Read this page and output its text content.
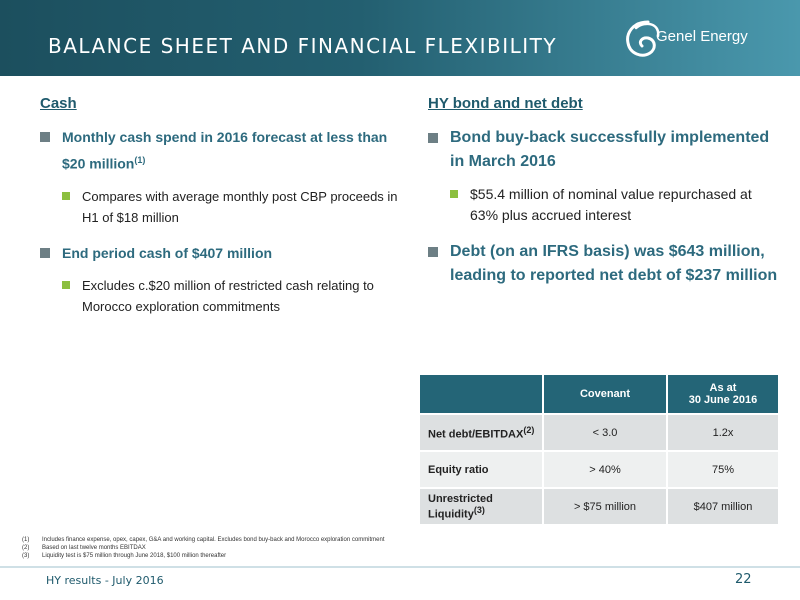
BALANCE SHEET AND FINANCIAL FLEXIBILITY	Genel Energy
Cash
Monthly cash spend in 2016 forecast at less than $20 million$^{(1)}$
Compares with average monthly post CBP proceeds in H1 of $18 million
End period cash of $407 million
Excludes c.$20 million of restricted cash relating to Morocco exploration commitments
HY bond and net debt
Bond buy-back successfully implemented in March 2016
$55.4 million of nominal value repurchased at 63% plus accrued interest
Debt (on an IFRS basis) was $643 million, leading to reported net debt of $237 million
	Covenant	As at
30 June 2016
Net debt/$EBITDAX^{(2)}$	< 3.0	1.2x
Equity ratio	> 40%	75%
Unrestricted Liquidity$^{(3)}$	> $75 million	$407 million
(1)	Includes finance expense, opex, capex, G&A and working capital. Excludes bond buy-back and Morocco exploration commitment
(2)	Based on last twelve months EBITDAX
(3)	Liquidity test is $75 million through June 2018, $100 million thereafter
HY results - July 2016	22
